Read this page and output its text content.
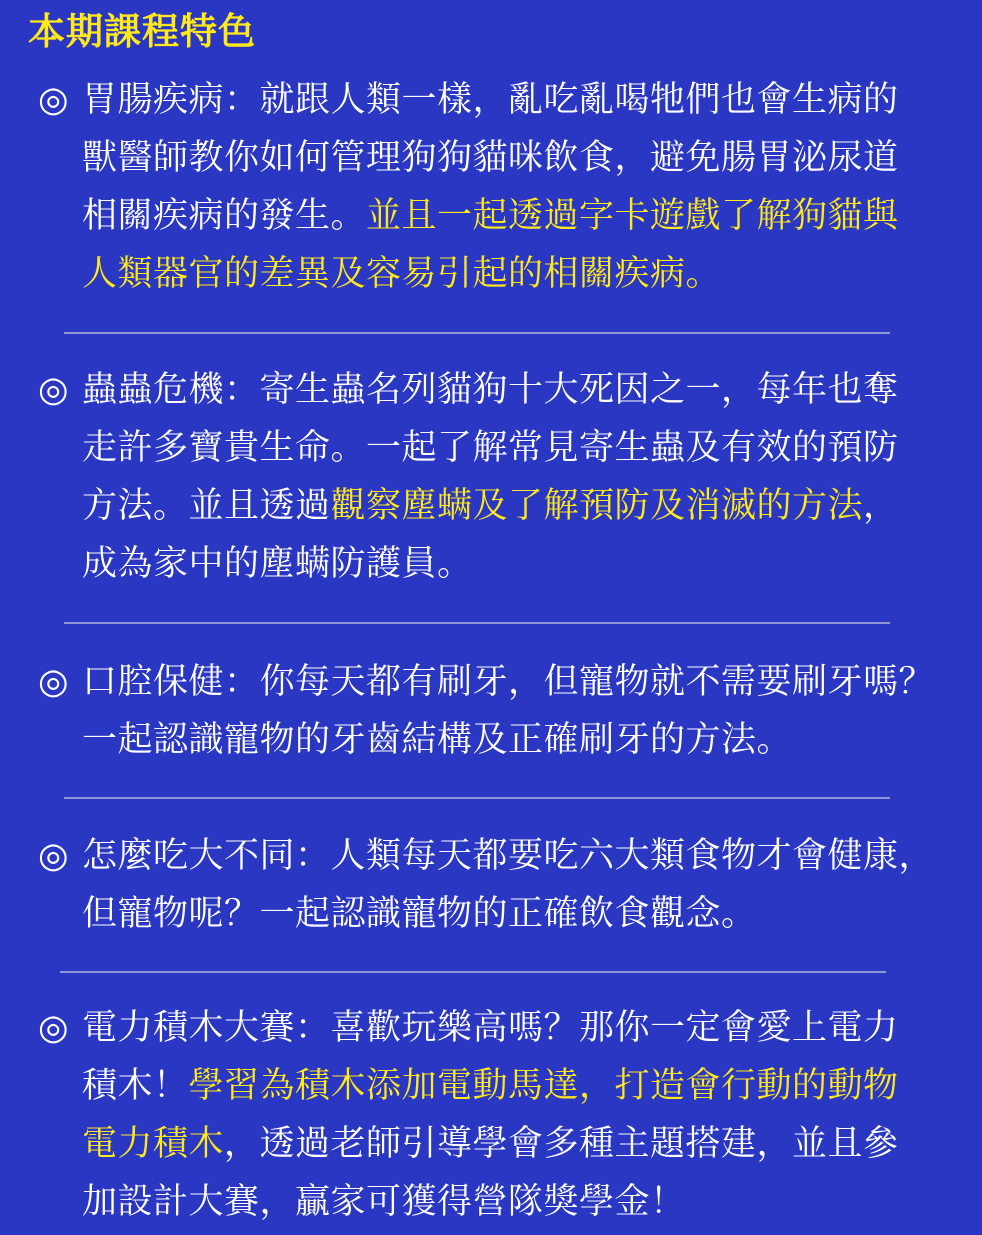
本期課程特色
◎ 胃腸疾病：就跟人類一樣，亂吃亂喝牠們也會生病的
獸醫師教你如何管理狗狗貓咪飲食，避免腸胃泌尿道
相關疾病的發生。並且一起透過字卡遊戲了解狗貓與
人類器官的差異及容易引起的相關疾病。
◎ 蟲蟲危機：寄生蟲名列貓狗十大死因之一，每年也奪
走許多寶貴生命。一起了解常見寄生蟲及有效的預防
方法。並且透過觀察塵螨及了解預防及消滅的方法，
成為家中的塵螨防護員。
◎ 口腔保健：你每天都有刷牙，但寵物就不需要刷牙嗎？
一起認識寵物的牙齒結構及正確刷牙的方法。
◎ 怎麼吃大不同：人類每天都要吃六大類食物才會健康，
但寵物呢？一起認識寵物的正確飲食觀念。
◎ 電力積木大賽：喜歡玩樂高嗎？那你一定會愛上電力
積木！學習為積木添加電動馬達，打造會行動的動物
電力積木，透過老師引導學會多種主題搭建，並且參
加設計大賽，贏家可獲得營隊獎學金！
